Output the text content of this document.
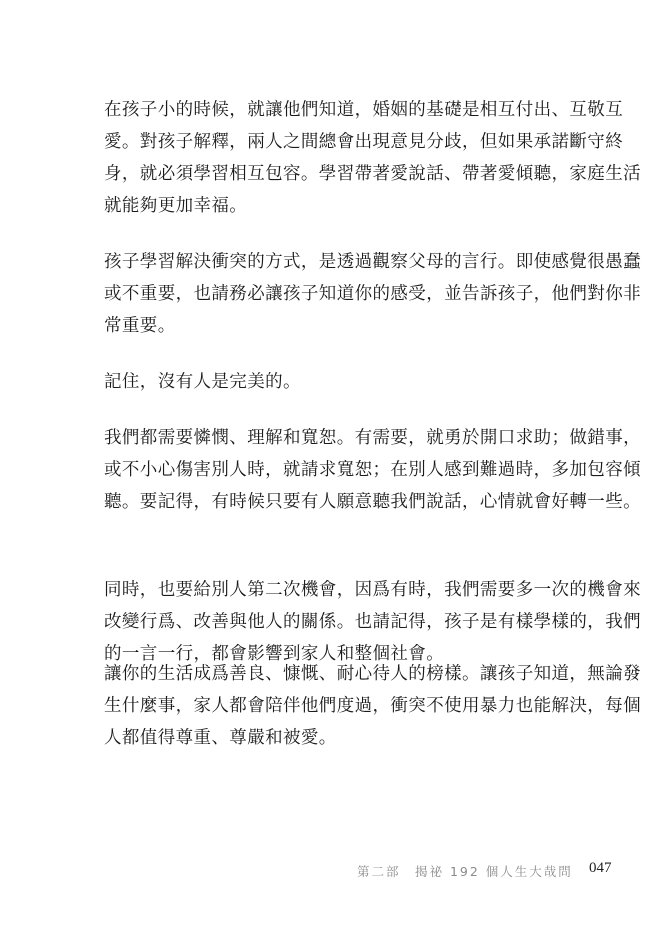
在孩子小的時候，就讓他們知道，婚姻的基礎是相互付出、互敬互
愛。對孩子解釋，兩人之間總會出現意見分歧，但如果承諾斷守終
身，就必須學習相互包容。學習帶著愛說話、帶著愛傾聽，家庭生活
就能夠更加幸福。
孩子學習解決衝突的方式，是透過觀察父母的言行。即使感覺很愚蠢
或不重要，也請務必讓孩子知道你的感受，並告訴孩子，他們對你非
常重要。
記住，沒有人是完美的。
我們都需要憐憫、理解和寬恕。有需要，就勇於開口求助；做錯事，
或不小心傷害別人時，就請求寬恕；在別人感到難過時，多加包容傾
聽。要記得，有時候只要有人願意聽我們說話，心情就會好轉一些。
同時，也要給別人第二次機會，因爲有時，我們需要多一次的機會來
改變行爲、改善與他人的關係。也請記得，孩子是有樣學樣的，我們
的一言一行，都會影響到家人和整個社會。
讓你的生活成爲善良、慷慨、耐心待人的榜樣。讓孩子知道，無論發
生什麼事，家人都會陪伴他們度過，衝突不使用暴力也能解決，每個
人都值得尊重、尊嚴和被愛。
第二部　揭祕 192 個人生大哉問 047
